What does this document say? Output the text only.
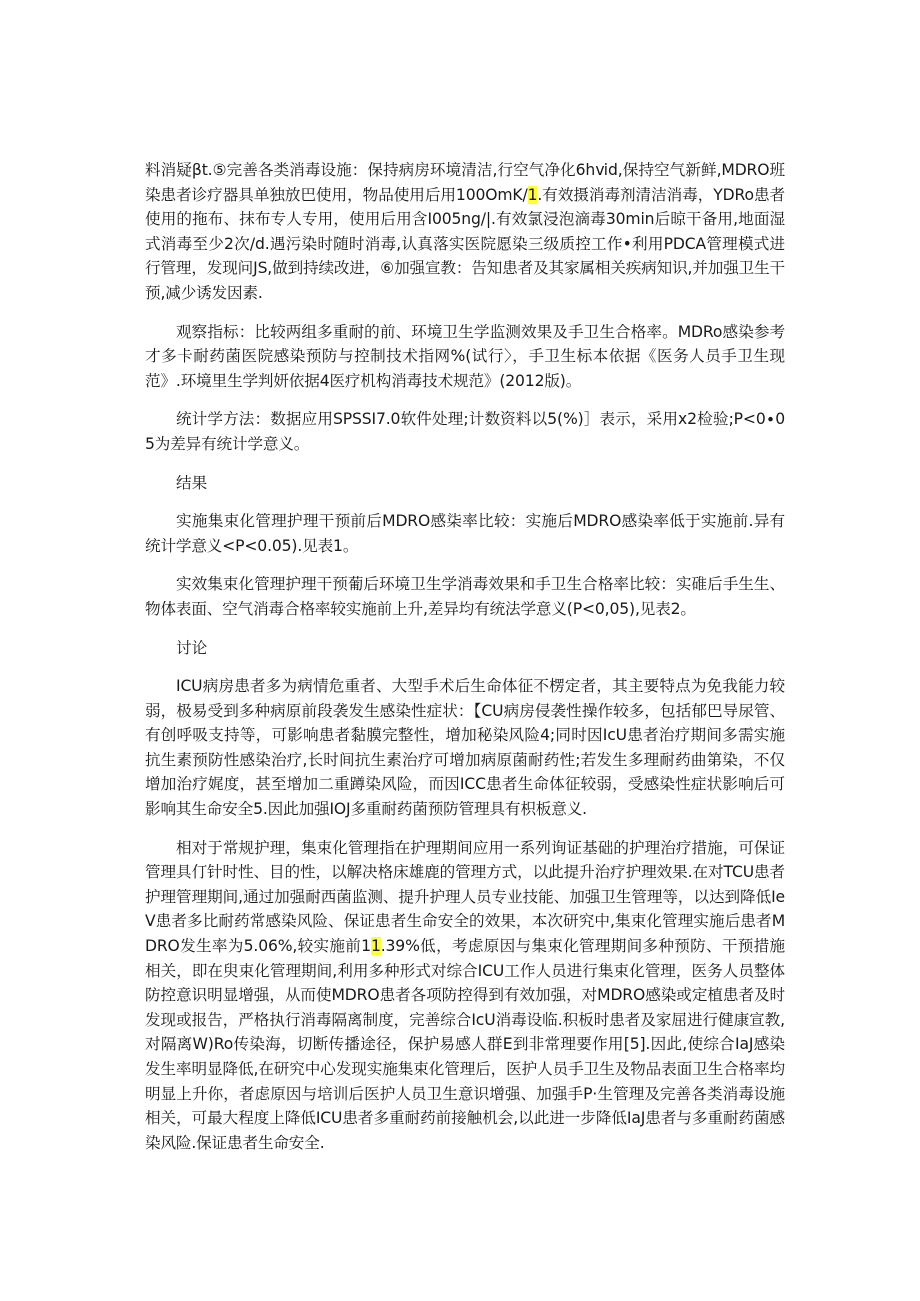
料消疑βt.⑤完善各类消毒设施：保持病房环境清洁,行空气净化6hⅵd,保持空气新鲜,MDRO班染患者诊疗器具单独放巴使用，物品使用后用100OmK/1.有效摄消毒剂清洁消毒，YDRo患者使用的拖布、抹布专人专用，使用后用含I005ng/|.有效氯浸泡滴毒30min后晾干备用,地面湿式消毒至少2次/d.遇污染时随时消毒,认真落实医院愿染三级质控工作•利用PDCA管理模式进行管理，发现问JS,做到持续改进，⑥加强宣教：告知患者及其家属相关疾病知识,并加强卫生干预,减少诱发因素.

观察指标：比较两组多重耐的前、环境卫生学监测效果及手卫生合格率。MDRo感染参考才多卡耐药菌医院感染预防与控制技术指网%(试行〉，手卫生标本依据《医务人员手卫生现范》.环境里生学判妍依据4医疗机构消毒技术规范》(2012版)。

统计学方法：数据应用SPSSI7.0软件处理;计数资料以5(%)］表示，采用x2检验;P<0∙05为差异有统计学意义。

结果

实施集束化管理护理干预前后MDRO感柒率比较：实施后MDRO感染率低于实施前.异有统计学意义<P<0.05).见表1。

实效集束化管理护理干预葡后环境卫生学消毒效果和手卫生合格率比较：实碓后手生生、物体表面、空气消毒合格率较实施前上升,差异均有统法学意义(P<0,05),见表2。

讨论

ICU病房患者多为病情危重者、大型手术后生命体征不楞定者，其主要特点为免我能力较弱，极易受到多种病原前段袭发生感染性症状：【CU病房侵袭性操作较多，包括郁巴导尿管、有创呼吸支持等，可影响患者黏膜完整性，增加秘染风险4;同时因IcU患者治疗期间多需实施抗生素预防性感染治疗,长时间抗生素治疗可增加病原菌耐药性;若发生多理耐药曲第染，不仅增加治疗娓度，甚至增加二重蹲染风险，而因ICC患者生命体征较弱，受感染性症状影响后可影响其生命安全5.因此加强IOJ多重耐药菌预防管理具有枳板意义.

相对于常规护理，集束化管理指在护理期间应用一系列询证基础的护理治疗措施，可保证管理具仃针时性、目的性，以解决格床雄鹿的管理方式，以此提升治疗护理效果.在对TCU患者护理管理期间,通过加强耐西菌监测、提升护理人员专业技能、加强卫生管理等，以达到降低IeV患者多比耐药常感染风险、保证患者生命安全的效果，本次研究中,集束化管理实施后患者MDRO发生率为5.06%,较实施前11.39%低，考虑原因与集束化管理期间多种预防、干预措施相关，即在臾束化管理期间,利用多种形式对综合ICU工作人员进行集束化管理，医务人员整体防控意识明显增强，从而使MDRO患者各项防控得到有效加强，对MDRO感染或定植患者及时发现或报告，严格执行消毒隔离制度，完善综合IcU消毒设临.积板时患者及家屈进行健康宣教,对隔离W)Ro传染海，切断传播途径，保护易感人群E到非常理要作用[5].因此,使综合IaJ感染发生率明显降低,在研究中心发现实施集束化管理后，医护人员手卫生及物品表面卫生合格率均明显上升你，者虑原因与培训后医护人员卫生意识增强、加强手P·生管理及完善各类消毒设施相关，可最大程度上降低ICU患者多重耐药前接触机会,以此进一步降低IaJ患者与多重耐药菌感染风险.保证患者生命安全.
